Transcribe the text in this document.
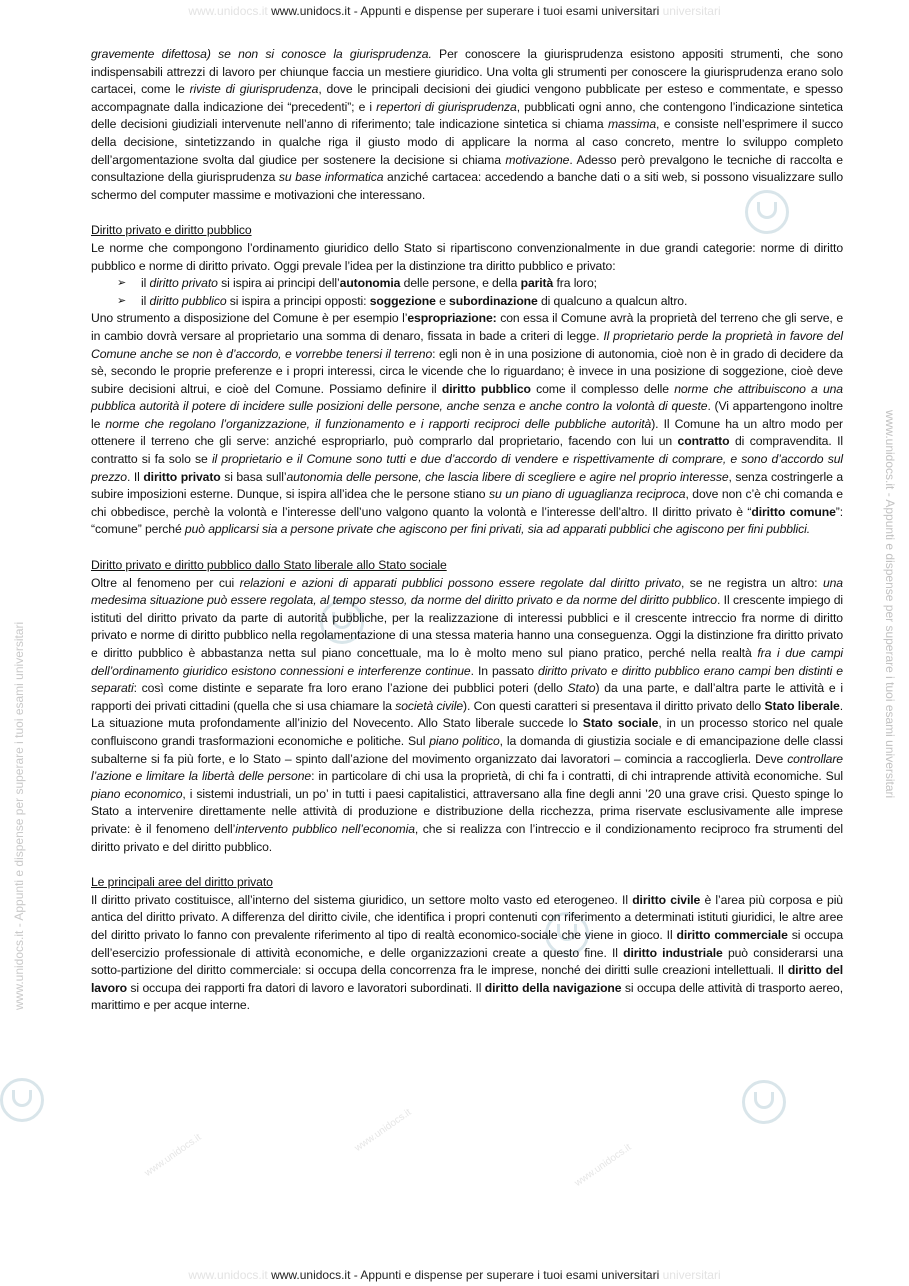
www.unidocs.it www.unidocs.it - Appunti e dispense per superare i tuoi esami universitari universitari
www.unidocs.it - Appunti e dispense per superare i tuoi esami universitari
www.unidocs.it - Appunti e dispense per superare i tuoi esami universitari
www.unidocs.it
www.unidocs.it
www.unidocs.it

gravemente difettosa) se non si conosce la giurisprudenza. Per conoscere la giurisprudenza esistono appositi strumenti, che sono indispensabili attrezzi di lavoro per chiunque faccia un mestiere giuridico. Una volta gli strumenti per conoscere la giurisprudenza erano solo cartacei, come le riviste di giurisprudenza, dove le principali decisioni dei giudici vengono pubblicate per esteso e commentate, e spesso accompagnate dalla indicazione dei “precedenti”; e i repertori di giurisprudenza, pubblicati ogni anno, che contengono l’indicazione sintetica delle decisioni giudiziali intervenute nell’anno di riferimento; tale indicazione sintetica si chiama massima, e consiste nell’esprimere il succo della decisione, sintetizzando in qualche riga il giusto modo di applicare la norma al caso concreto, mentre lo sviluppo completo dell’argomentazione svolta dal giudice per sostenere la decisione si chiama motivazione. Adesso però prevalgono le tecniche di raccolta e consultazione della giurisprudenza su base informatica anziché cartacea: accedendo a banche dati o a siti web, si possono visualizzare sullo schermo del computer massime e motivazioni che interessano.

Diritto privato e diritto pubblico

Le norme che compongono l’ordinamento giuridico dello Stato si ripartiscono convenzionalmente in due grandi categorie: norme di diritto pubblico e norme di diritto privato. Oggi prevale l’idea per la distinzione tra diritto pubblico e privato:

➢ il diritto privato si ispira ai principi dell’autonomia delle persone, e della parità fra loro;
➢ il diritto pubblico si ispira a principi opposti: soggezione e subordinazione di qualcuno a qualcun altro.

Uno strumento a disposizione del Comune è per esempio l’espropriazione: con essa il Comune avrà la proprietà del terreno che gli serve, e in cambio dovrà versare al proprietario una somma di denaro, fissata in bade a criteri di legge. Il proprietario perde la proprietà in favore del Comune anche se non è d’accordo, e vorrebbe tenersi il terreno: egli non è in una posizione di autonomia, cioè non è in grado di decidere da sè, secondo le proprie preferenze e i propri interessi, circa le vicende che lo riguardano; è invece in una posizione di soggezione, cioè deve subire decisioni altrui, e cioè del Comune. Possiamo definire il diritto pubblico come il complesso delle norme che attribuiscono a una pubblica autorità il potere di incidere sulle posizioni delle persone, anche senza e anche contro la volontà di queste. (Vi appartengono inoltre le norme che regolano l’organizzazione, il funzionamento e i rapporti reciproci delle pubbliche autorità). Il Comune ha un altro modo per ottenere il terreno che gli serve: anziché espropriarlo, può comprarlo dal proprietario, facendo con lui un contratto di compravendita. Il contratto si fa solo se il proprietario e il Comune sono tutti e due d’accordo di vendere e rispettivamente di comprare, e sono d’accordo sul prezzo. Il diritto privato si basa sull’autonomia delle persone, che lascia libere di scegliere e agire nel proprio interesse, senza costringerle a subire imposizioni esterne. Dunque, si ispira all’idea che le persone stiano su un piano di uguaglianza reciproca, dove non c’è chi comanda e chi obbedisce, perchè la volontà e l’interesse dell’uno valgono quanto la volontà e l’interesse dell’altro. Il diritto privato è “diritto comune”: “comune” perché può applicarsi sia a persone private che agiscono per fini privati, sia ad apparati pubblici che agiscono per fini pubblici.

Diritto privato e diritto pubblico dallo Stato liberale allo Stato sociale

Oltre al fenomeno per cui relazioni e azioni di apparati pubblici possono essere regolate dal diritto privato, se ne registra un altro: una medesima situazione può essere regolata, al tempo stesso, da norme del diritto privato e da norme del diritto pubblico. Il crescente impiego di istituti del diritto privato da parte di autorità pubbliche, per la realizzazione di interessi pubblici e il crescente intreccio fra norme di diritto privato e norme di diritto pubblico nella regolamentazione di una stessa materia hanno una conseguenza. Oggi la distinzione fra diritto privato e diritto pubblico è abbastanza netta sul piano concettuale, ma lo è molto meno sul piano pratico, perché nella realtà fra i due campi dell’ordinamento giuridico esistono connessioni e interferenze continue. In passato diritto privato e diritto pubblico erano campi ben distinti e separati: così come distinte e separate fra loro erano l’azione dei pubblici poteri (dello Stato) da una parte, e dall’altra parte le attività e i rapporti dei privati cittadini (quella che si usa chiamare la società civile). Con questi caratteri si presentava il diritto privato dello Stato liberale. La situazione muta profondamente all’inizio del Novecento. Allo Stato liberale succede lo Stato sociale, in un processo storico nel quale confluiscono grandi trasformazioni economiche e politiche. Sul piano politico, la domanda di giustizia sociale e di emancipazione delle classi subalterne si fa più forte, e lo Stato – spinto dall’azione del movimento organizzato dai lavoratori – comincia a raccoglierla. Deve controllare l’azione e limitare la libertà delle persone: in particolare di chi usa la proprietà, di chi fa i contratti, di chi intraprende attività economiche. Sul piano economico, i sistemi industriali, un po’ in tutti i paesi capitalistici, attraversano alla fine degli anni ’20 una grave crisi. Questo spinge lo Stato a intervenire direttamente nelle attività di produzione e distribuzione della ricchezza, prima riservate esclusivamente alle imprese private: è il fenomeno dell’intervento pubblico nell’economia, che si realizza con l’intreccio e il condizionamento reciproco fra strumenti del diritto privato e del diritto pubblico.

Le principali aree del diritto privato

Il diritto privato costituisce, all’interno del sistema giuridico, un settore molto vasto ed eterogeneo. Il diritto civile è l’area più corposa e più antica del diritto privato. A differenza del diritto civile, che identifica i propri contenuti con riferimento a determinati istituti giuridici, le altre aree del diritto privato lo fanno con prevalente riferimento al tipo di realtà economico-sociale che viene in gioco. Il diritto commerciale si occupa dell’esercizio professionale di attività economiche, e delle organizzazioni create a questo fine. Il diritto industriale può considerarsi una sotto-partizione del diritto commerciale: si occupa della concorrenza fra le imprese, nonché dei diritti sulle creazioni intellettuali. Il diritto del lavoro si occupa dei rapporti fra datori di lavoro e lavoratori subordinati. Il diritto della navigazione si occupa delle attività di trasporto aereo, marittimo e per acque interne.

www.unidocs.it www.unidocs.it - Appunti e dispense per superare i tuoi esami universitari universitari
